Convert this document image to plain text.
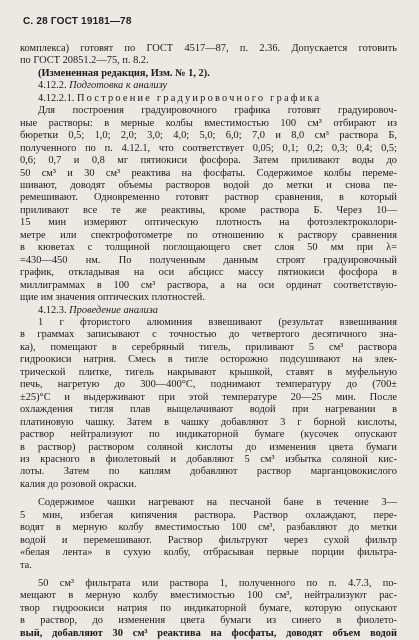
С. 28 ГОСТ 19181—78
комплекса) готовят по ГОСТ 4517—87, п. 2.36. Допускается готовить
по ГОСТ 20851.2—75, п. 8.2.
(Измененная редакция, Изм. № 1, 2).
4.12.2. Подготовка к анализу
4.12.2.1. Построение градуировочного графика
Для построения градуировочного графика готовят градуировоч-
ные растворы: в мерные колбы вместимостью 100 см³ отбирают из
бюретки 0,5; 1,0; 2,0; 3,0; 4,0; 5,0; 6,0; 7,0 и 8,0 см³ раствора Б,
полученного по п. 4.12.1, что соответствует 0,05; 0,1; 0,2; 0,3; 0,4; 0,5;
0,6; 0,7 и 0,8 мг пятиокиси фосфора. Затем приливают воды до
50 см³ и 30 см³ реактива на фосфаты. Содержимое колбы переме-
шивают, доводят объемы растворов водой до метки и снова пе-
ремешивают. Одновременно готовят раствор сравнения, в который
приливают все те же реактивы, кроме раствора Б. Через 10—
15 мин измеряют оптическую плотность на фотоэлектроколори-
метре или спектрофотометре по отношению к раствору сравнения
в кюветах с толщиной поглощающего свет слоя 50 мм при λ=
=430—450 нм. По полученным данным строят градуировочный
график, откладывая на оси абсцисс массу пятиокиси фосфора в
миллиграммах в 100 см³ раствора, а на оси ординат соответствую-
щие им значения оптических плотностей.
4.12.3. Проведение анализа
1 г фтористого алюминия взвешивают (результат взвешивания
в граммах записывают с точностью до четвертого десятичного зна-
ка), помещают в серебряный тигель, приливают 5 см³ раствора
гидроокиси натрия. Смесь в тигле осторожно подсушивают на элек-
трической плитке, тигель накрывают крышкой, ставят в муфельную
печь, нагретую до 300—400°С, поднимают температуру до (700±
±25)°С и выдерживают при этой температуре 20—25 мин. После
охлаждения тигля плав выщелачивают водой при нагревании в
платиновую чашку. Затем в чашку добавляют 3 г борной кислоты,
раствор нейтрализуют по индикаторной бумаге (кусочек опускают
в раствор) раствором соляной кислоты до изменения цвета бумаги
из красного в фиолетовый и добавляют 5 см³ избытка соляной кис-
лоты. Затем по каплям добавляют раствор марганцовокислого
калия до розовой окраски.
Содержимое чашки нагревают на песчаной бане в течение 3—
5 мин, избегая кипячения раствора. Раствор охлаждают, пере-
водят в мерную колбу вместимостью 100 см³, разбавляют до метки
водой и перемешивают. Раствор фильтруют через сухой фильтр
«белая лента» в сухую колбу, отбрасывая первые порции фильтра-
та.
50 см³ фильтрата или раствора 1, полученного по п. 4.7.3, по-
мещают в мерную колбу вместимостью 100 см³, нейтрализуют рас-
твор гидроокиси натрия по индикаторной бумаге, которую опускают
в раствор, до изменения цвета бумаги из синего в фиолето-
вый, добавляют 30 см³ реактива на фосфаты, доводят объем водой
